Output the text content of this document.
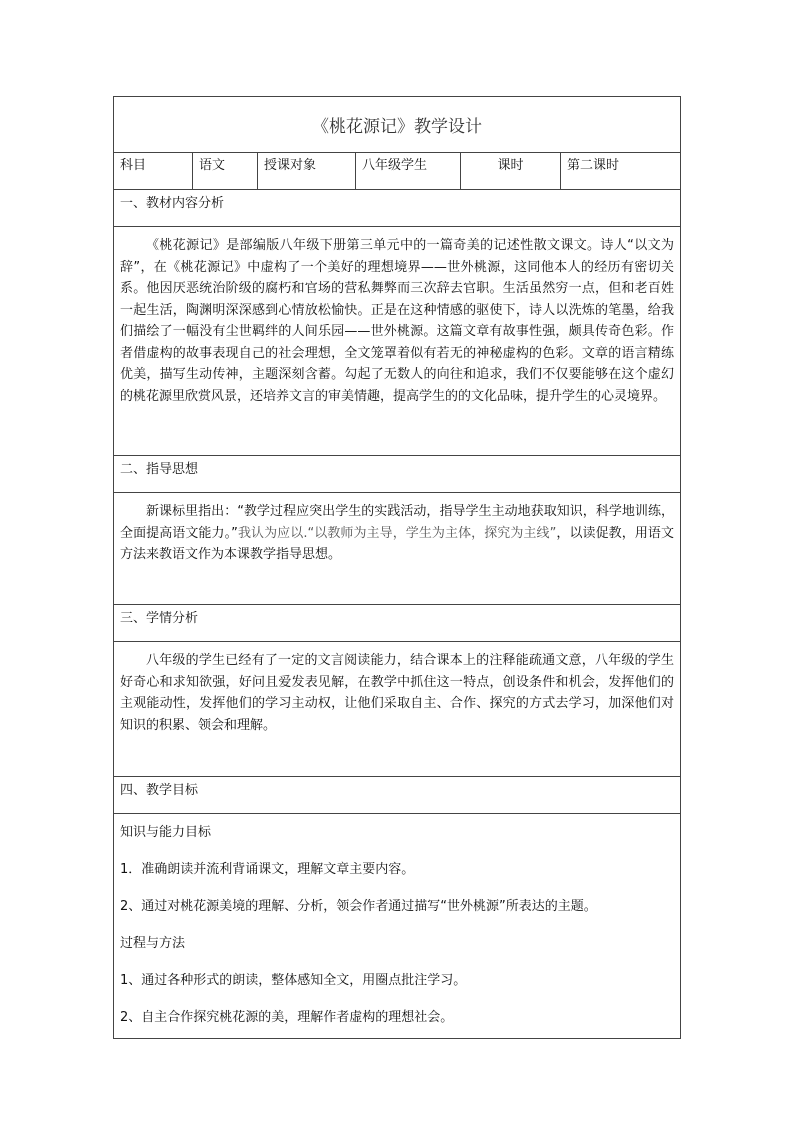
《桃花源记》教学设计
科目	语文	授课对象	八年级学生	课时	第二课时
一、教材内容分析
《桃花源记》是部编版八年级下册第三单元中的一篇奇美的记述性散文课文。诗人“以文为辞”，在《桃花源记》中虚构了一个美好的理想境界——世外桃源，这同他本人的经历有密切关系。他因厌恶统治阶级的腐朽和官场的营私舞弊而三次辞去官职。生活虽然穷一点，但和老百姓一起生活，陶渊明深深感到心情放松愉快。正是在这种情感的驱使下，诗人以洗炼的笔墨，给我们描绘了一幅没有尘世羁绊的人间乐园——世外桃源。这篇文章有故事性强，颇具传奇色彩。作者借虚构的故事表现自己的社会理想，全文笼罩着似有若无的神秘虚构的色彩。文章的语言精练优美，描写生动传神，主题深刻含蓄。勾起了无数人的向往和追求，我们不仅要能够在这个虚幻的桃花源里欣赏风景，还培养文言的审美情趣，提高学生的的文化品味，提升学生的心灵境界。
二、指导思想
新课标里指出：“教学过程应突出学生的实践活动，指导学生主动地获取知识，科学地训练，全面提高语文能力。”我认为应以.“以教师为主导，学生为主体，探究为主线”，以读促教，用语文方法来教语文作为本课教学指导思想。
三、学情分析
八年级的学生已经有了一定的文言阅读能力，结合课本上的注释能疏通文意，八年级的学生好奇心和求知欲强，好问且爱发表见解，在教学中抓住这一特点，创设条件和机会，发挥他们的主观能动性，发挥他们的学习主动权，让他们采取自主、合作、探究的方式去学习，加深他们对知识的积累、领会和理解。
四、教学目标
知识与能力目标
1．准确朗读并流利背诵课文，理解文章主要内容。
2、通过对桃花源美境的理解、分析，领会作者通过描写“世外桃源”所表达的主题。
过程与方法
1、通过各种形式的朗读，整体感知全文，用圈点批注学习。
2、自主合作探究桃花源的美，理解作者虚构的理想社会。
